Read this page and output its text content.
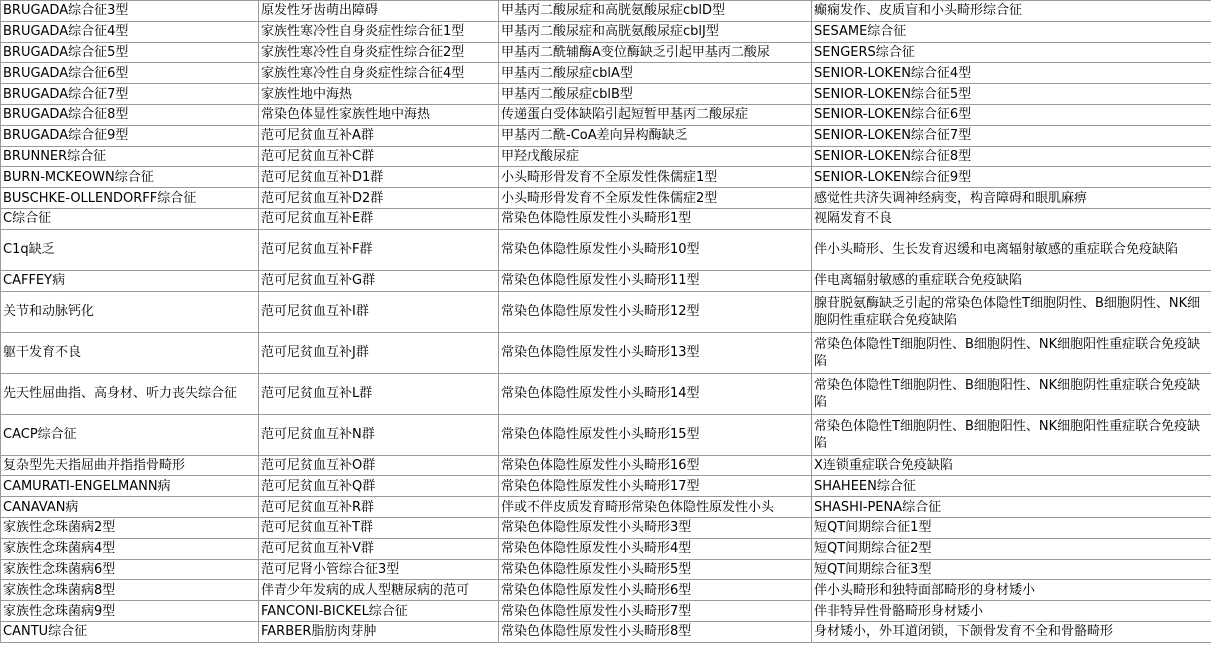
BRUGADA综合征3型	原发性牙齿萌出障碍	甲基丙二酸尿症和高胱氨酸尿症cblD型	癫痫发作、皮质盲和小头畸形综合征
BRUGADA综合征4型	家族性寒冷性自身炎症性综合征1型	甲基丙二酸尿症和高胱氨酸尿症cblJ型	SESAME综合征
BRUGADA综合征5型	家族性寒冷性自身炎症性综合征2型	甲基丙二酰辅酶A变位酶缺乏引起甲基丙二酸尿	SENGERS综合征
BRUGADA综合征6型	家族性寒冷性自身炎症性综合征4型	甲基丙二酸尿症cblA型	SENIOR-LOKEN综合征4型
BRUGADA综合征7型	家族性地中海热	甲基丙二酸尿症cblB型	SENIOR-LOKEN综合征5型
BRUGADA综合征8型	常染色体显性家族性地中海热	传递蛋白受体缺陷引起短暂甲基丙二酸尿症	SENIOR-LOKEN综合征6型
BRUGADA综合征9型	范可尼贫血互补A群	甲基丙二酰-CoA差向异构酶缺乏	SENIOR-LOKEN综合征7型
BRUNNER综合征	范可尼贫血互补C群	甲羟戊酸尿症	SENIOR-LOKEN综合征8型
BURN-MCKEOWN综合征	范可尼贫血互补D1群	小头畸形骨发育不全原发性侏儒症1型	SENIOR-LOKEN综合征9型
BUSCHKE-OLLENDORFF综合征	范可尼贫血互补D2群	小头畸形骨发育不全原发性侏儒症2型	感觉性共济失调神经病变，构音障碍和眼肌麻痹
C综合征	范可尼贫血互补E群	常染色体隐性原发性小头畸形1型	视隔发育不良
C1q缺乏	范可尼贫血互补F群	常染色体隐性原发性小头畸形10型	伴小头畸形、生长发育迟缓和电离辐射敏感的重症联合免疫缺陷
CAFFEY病	范可尼贫血互补G群	常染色体隐性原发性小头畸形11型	伴电离辐射敏感的重症联合免疫缺陷
关节和动脉钙化	范可尼贫血互补I群	常染色体隐性原发性小头畸形12型	腺苷脱氨酶缺乏引起的常染色体隐性T细胞阴性、B细胞阴性、NK细胞阴性重症联合免疫缺陷
躯干发育不良	范可尼贫血互补J群	常染色体隐性原发性小头畸形13型	常染色体隐性T细胞阴性、B细胞阴性、NK细胞阳性重症联合免疫缺陷
先天性屈曲指、高身材、听力丧失综合征	范可尼贫血互补L群	常染色体隐性原发性小头畸形14型	常染色体隐性T细胞阴性、B细胞阳性、NK细胞阴性重症联合免疫缺陷
CACP综合征	范可尼贫血互补N群	常染色体隐性原发性小头畸形15型	常染色体隐性T细胞阴性、B细胞阳性、NK细胞阳性重症联合免疫缺陷
复杂型先天指屈曲并指指骨畸形	范可尼贫血互补O群	常染色体隐性原发性小头畸形16型	X连锁重症联合免疫缺陷
CAMURATI-ENGELMANN病	范可尼贫血互补Q群	常染色体隐性原发性小头畸形17型	SHAHEEN综合征
CANAVAN病	范可尼贫血互补R群	伴或不伴皮质发育畸形常染色体隐性原发性小头	SHASHI-PENA综合征
家族性念珠菌病2型	范可尼贫血互补T群	常染色体隐性原发性小头畸形3型	短QT间期综合征1型
家族性念珠菌病4型	范可尼贫血互补V群	常染色体隐性原发性小头畸形4型	短QT间期综合征2型
家族性念珠菌病6型	范可尼肾小管综合征3型	常染色体隐性原发性小头畸形5型	短QT间期综合征3型
家族性念珠菌病8型	伴青少年发病的成人型糖尿病的范可	常染色体隐性原发性小头畸形6型	伴小头畸形和独特面部畸形的身材矮小
家族性念珠菌病9型	FANCONI-BICKEL综合征	常染色体隐性原发性小头畸形7型	伴非特异性骨骼畸形身材矮小
CANTU综合征	FARBER脂肪肉芽肿	常染色体隐性原发性小头畸形8型	身材矮小，外耳道闭锁，下颌骨发育不全和骨骼畸形
